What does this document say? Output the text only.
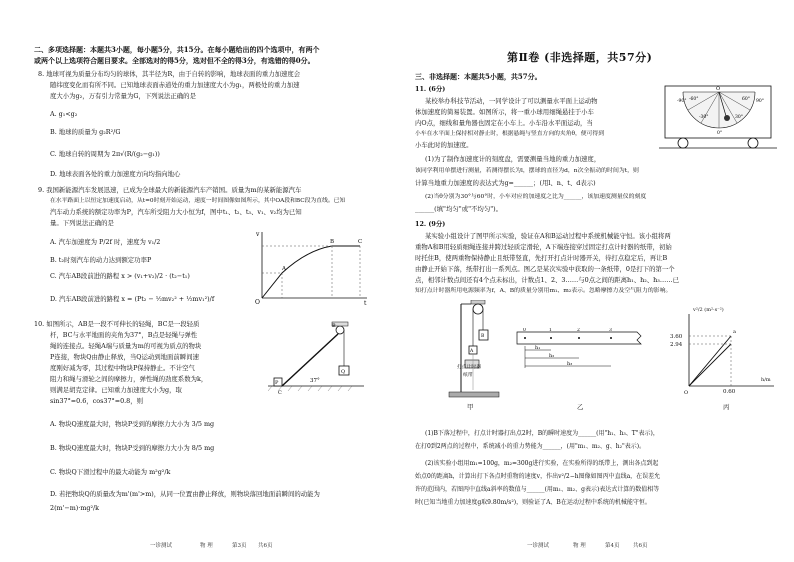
二、多项选择题：本题共3小题，每小题5分，共15分。在每小题给出的四个选项中，有两个
或两个以上选项符合题目要求。全部选对的得5分，选对但不全的得3分，有选错的得0分。
8. 地球可视为质量分布均匀的球体，其半径为R，由于自转的影响，地球表面的重力加速度会
随纬度变化而有所不同。已知地球表面赤道处的重力加速度大小为g₁，两极处的重力加速
度大小为g₂，万有引力常量为G，下列说法正确的是
A. g₁<g₂
B. 地球的质量为 g₂R²/G
C. 地球自转的周期为 2π√(R/(g₂−g₁))
D. 地球表面各处的重力加速度方向均指向地心
9. 我国新能源汽车发展迅速，已成为全球最大的新能源汽车产销国。质量为m的某新能源汽车
在水平路面上以恒定加速度启动，从t=0时刻开始运动，速度一时间图像如图所示，其中OA段和BC段为直线。已知
汽车动力系统的额定功率为P，汽车所受阻力大小恒为f，图中t₁、t₂、t₃、v₁、v₂均为已知
量。下列说法正确的是
A. 汽车加速度为 P/2f 时，速度为 v₁/2
B. t₂时刻汽车的动力达到额定功率P
C. 汽车AB段前进的路程 x > (v₁+v₂)/2 · (t₂−t₁)
D. 汽车AB段前进的路程 x = (Pt₂ − ½mv₂² + ½mv₁²)/f
v
t
O
A
B	C
10. 如图所示，AB是一段不可伸长的轻绳，BC是一段轻质
杆，BC与水平地面的夹角为37°，B点是轻绳与弹性
绳的连接点。轻绳A端与质量为m的可视为质点的物块
P连接，物块Q由静止释放，当Q运动到地面前瞬间速
度刚好减为零，其过程中物块P保持静止。不计空气
阻力和绳与滑轮之间的摩擦力，弹性绳的劲度系数为k，
则满足胡克定律。已知重力加速度大小为g，取
sin37°=0.6，cos37°=0.8，则
A. 物块Q速度最大时，物块P受到的摩擦力大小为 3/5 mg
B. 物块Q速度最大时，物块P受到的摩擦力大小为 8/5 mg
C. 物块Q下滑过程中的最大动能为 m²g²/k
D. 若把物块Q的质量改为m'(m'>m)，从同一位置由静止释放，则物块落回地面前瞬间的动能为
2(m'−m)·mg²/k
37°
B
C
Q
P
一诊测试	物 理	第3页 共6页
第Ⅱ卷 (非选择题，共57分)
三、非选择题：本题共5小题，共57分。
11. (6分)
某校举办科技节活动，一同学设计了可以测量水平面上运动物
体加速度的简易装置。如图所示，将一重小球用细绳悬挂于小车
内O点，细线和量角器也固定在小车上。小车沿水平面运动，当
小车在水平面上保持相对静止时，根据悬绳与竖直方向的夹角θ，便可得到
小车此时的加速度。
(1)为了制作加速度计的刻度盘，需要测量当地的重力加速度，
该同学利用单摆进行测量，若测得摆长为l，摆球的直径为d，n次全振动的时间为t，则
计算当地重力加速度的表达式为g=______；(用l、n、t、d表示)
(2)当θ分别为30°与60°时，小车对应的加速度之比为______，该加速度测量仪的刻度
______(填"均匀"或"不均匀")。
O
-90° -60°	60° 90°
-30°	30°
0°
12. (9分)
某实验小组设计了图甲所示实验，验证在A和B运动过程中系统机械能守恒。该小组将两
重物A和B用轻质细绳连接并跨过轻质定滑轮，A下端连接穿过固定打点计时器的纸带，初始
时托住B，使两重物保持静止且纸带竖直，先打开打点计时器开关，待打点稳定后，再让B
由静止开始下落，纸带打出一系列点。图乙是某次实验中获取的一条纸带，0是打下的第一个
点，相邻计数点间还有4个点未标出，计数点1、2、3……与0点之间的距离h₁、h₂、h₃……已
知打点计时器所用电源频率为f，A、B的质量分别用m₁、m₂表示。忽略摩擦力及空气阻力的影响。
A
B
打点计时器
纸带
甲
0	1	2	3
h₁
h₂
h₃
乙
O
3.60
2.94
0.60
v²/2 (m²·s⁻²)
h/m
a
丙
(1)B下落过程中，打点计时器打出点2时，B的瞬时速度为______(用"h₁、h₃、T"表示)，
在打0到2两点的过程中，系统减小的重力势能为______，(用"m₁、m₂、g、h₂"表示)。
(2)该实验小组用m₁=100g，m₂=300g进行实验，在实验所得的纸带上，测出各点到起
始点0的距离h，计算出打下各点时重物的速度v，作出v²/2−h图像如图丙中直线a，在误差允
许的范围内，若图丙中直线a斜率的数值与______(用m₁、m₂、g表示)表达式计算的数值相等
时(已知当地重力加速度g取9.80m/s²)，则验证了A、B在运动过程中系统的机械能守恒。
一诊测试	物 理	第4页 共6页
